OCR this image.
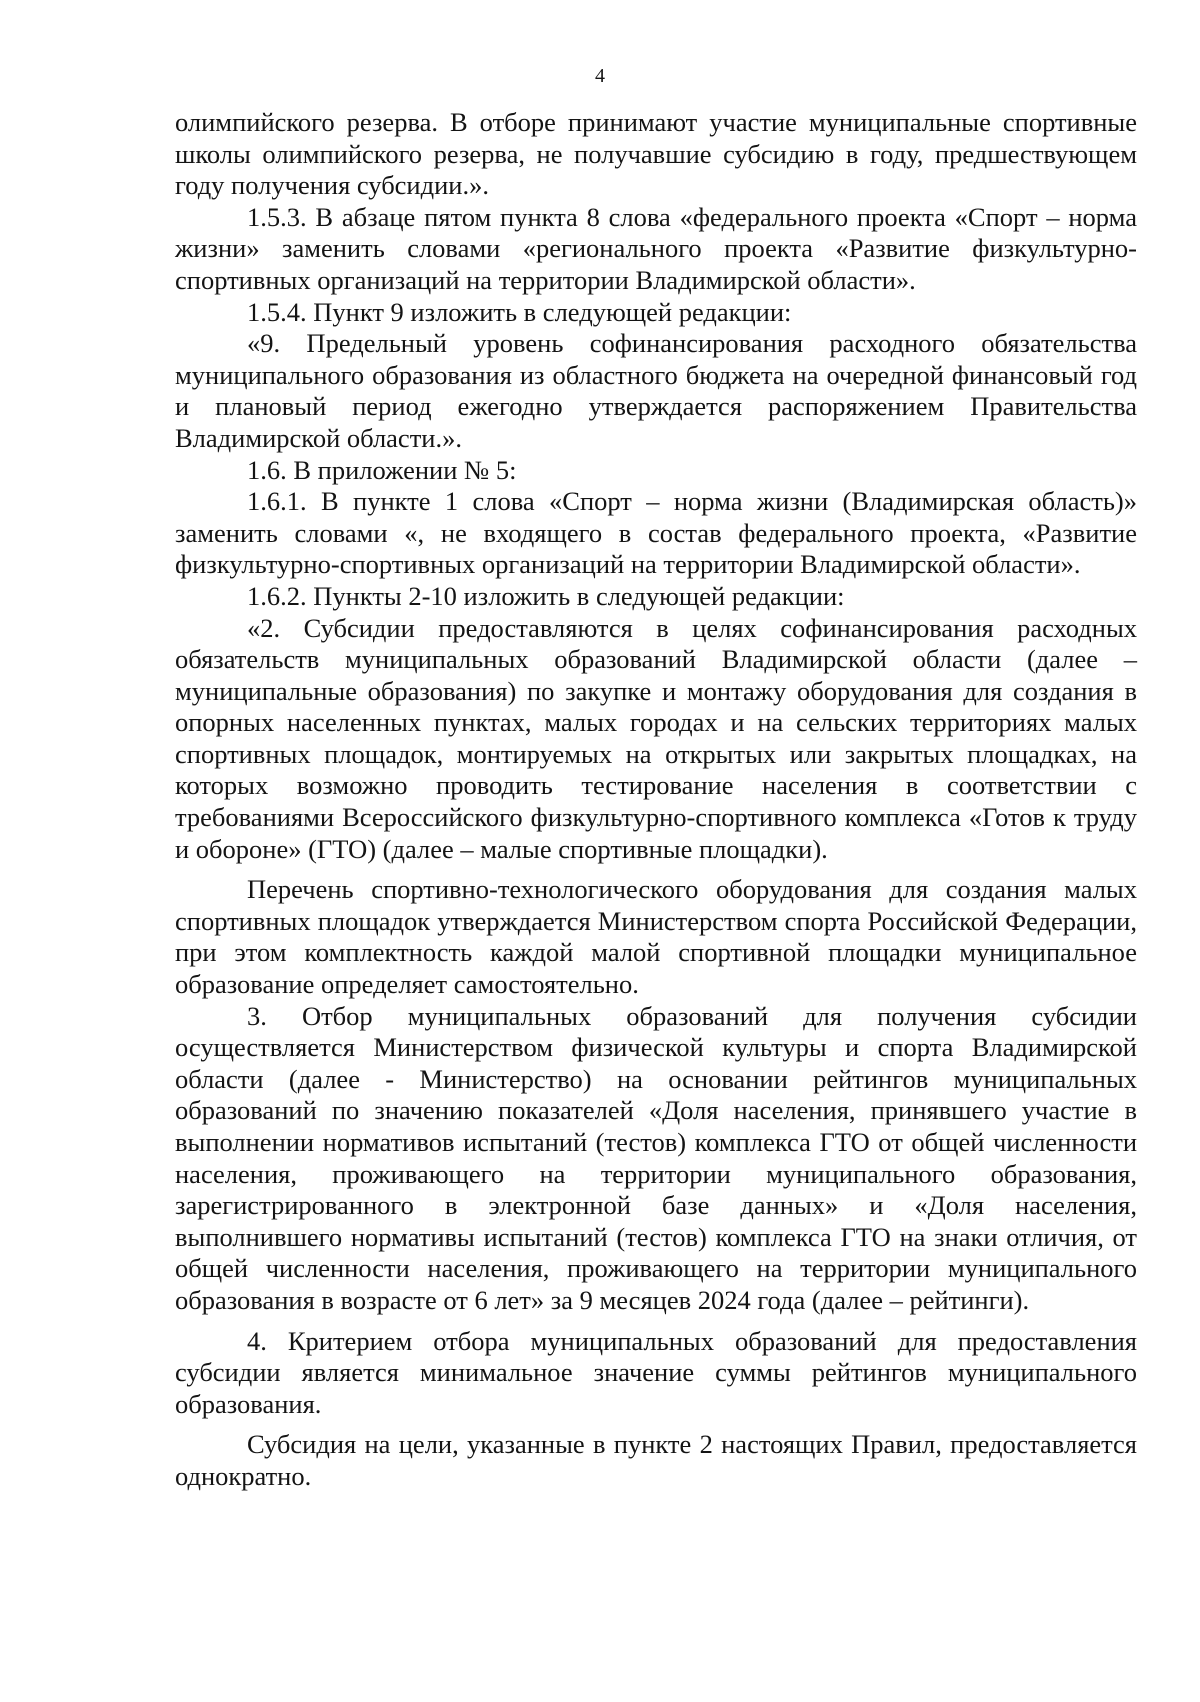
4

олимпийского резерва. В отборе принимают участие муниципальные спортивные школы олимпийского резерва, не получавшие субсидию в году, предшествующем году получения субсидии.».

1.5.3. В абзаце пятом пункта 8 слова «федерального проекта «Спорт – норма жизни» заменить словами «регионального проекта «Развитие физкультурно-спортивных организаций на территории Владимирской области».

1.5.4. Пункт 9 изложить в следующей редакции:

«9. Предельный уровень софинансирования расходного обязательства муниципального образования из областного бюджета на очередной финансовый год и плановый период ежегодно утверждается распоряжением Правительства Владимирской области.».

1.6. В приложении № 5:

1.6.1. В пункте 1 слова «Спорт – норма жизни (Владимирская область)» заменить словами «, не входящего в состав федерального проекта, «Развитие физкультурно-спортивных организаций на территории Владимирской области».

1.6.2. Пункты 2-10 изложить в следующей редакции:

«2. Субсидии предоставляются в целях софинансирования расходных обязательств муниципальных образований Владимирской области (далее – муниципальные образования) по закупке и монтажу оборудования для создания в опорных населенных пунктах, малых городах и на сельских территориях малых спортивных площадок, монтируемых на открытых или закрытых площадках, на которых возможно проводить тестирование населения в соответствии с требованиями Всероссийского физкультурно-спортивного комплекса «Готов к труду и обороне» (ГТО) (далее – малые спортивные площадки).

Перечень спортивно-технологического оборудования для создания малых спортивных площадок утверждается Министерством спорта Российской Федерации, при этом комплектность каждой малой спортивной площадки муниципальное образование определяет самостоятельно.

3. Отбор муниципальных образований для получения субсидии осуществляется Министерством физической культуры и спорта Владимирской области (далее - Министерство) на основании рейтингов муниципальных образований по значению показателей «Доля населения, принявшего участие в выполнении нормативов испытаний (тестов) комплекса ГТО от общей численности населения, проживающего на территории муниципального образования, зарегистрированного в электронной базе данных» и «Доля населения, выполнившего нормативы испытаний (тестов) комплекса ГТО на знаки отличия, от общей численности населения, проживающего на территории муниципального образования в возрасте от 6 лет» за 9 месяцев 2024 года (далее – рейтинги).

4. Критерием отбора муниципальных образований для предоставления субсидии является минимальное значение суммы рейтингов муниципального образования.

Субсидия на цели, указанные в пункте 2 настоящих Правил, предоставляется однократно.
